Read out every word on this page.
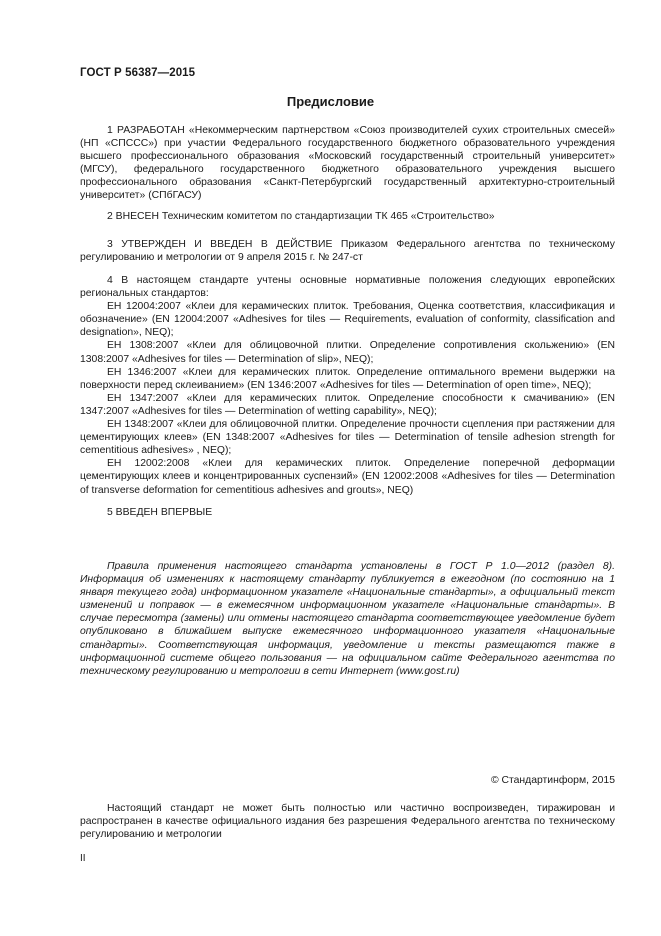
ГОСТ Р 56387—2015
Предисловие

1 РАЗРАБОТАН «Некоммерческим партнерством «Союз производителей сухих строительных смесей» (НП «СПССС») при участии Федерального государственного бюджетного образовательного учреждения высшего профессионального образования «Московский государственный строительный университет» (МГСУ), федерального государственного бюджетного образовательного учреждения высшего профессионального образования «Санкт-Петербургский государственный архитектурно-строительный университет» (СПбГАСУ)

2 ВНЕСЕН Техническим комитетом по стандартизации ТК 465 «Строительство»

3 УТВЕРЖДЕН И ВВЕДЕН В ДЕЙСТВИЕ Приказом Федерального агентства по техническому регулированию и метрологии от 9 апреля 2015 г. № 247-ст

4 В настоящем стандарте учтены основные нормативные положения следующих европейских региональных стандартов:

ЕН 12004:2007 «Клеи для керамических плиток. Требования, Оценка соответствия, классификация и обозначение» (EN 12004:2007 «Adhesives for tiles — Requirements, evaluation of conformity, classification and designation», NEQ);

ЕН 1308:2007 «Клеи для облицовочной плитки. Определение сопротивления скольжению» (EN 1308:2007 «Adhesives for tiles — Determination of slip», NEQ);

ЕН 1346:2007 «Клеи для керамических плиток. Определение оптимального времени выдержки на поверхности перед склеиванием» (EN 1346:2007 «Adhesives for tiles — Determination of open time», NEQ);

ЕН 1347:2007 «Клеи для керамических плиток. Определение способности к смачиванию» (EN 1347:2007 «Adhesives for tiles — Determination of wetting capability», NEQ);

ЕН 1348:2007 «Клеи для облицовочной плитки. Определение прочности сцепления при растяжении для цементирующих клеев» (EN 1348:2007 «Adhesives for tiles — Determination of tensile adhesion strength for cementitious adhesives» , NEQ);

ЕН 12002:2008 «Клеи для керамических плиток. Определение поперечной деформации цементирующих клеев и концентрированных суспензий» (EN 12002:2008 «Adhesives for tiles — Determination of transverse deformation for cementitious adhesives and grouts», NEQ)

5 ВВЕДЕН ВПЕРВЫЕ

Правила применения настоящего стандарта установлены в ГОСТ Р 1.0—2012 (раздел 8). Информация об изменениях к настоящему стандарту публикуется в ежегодном (по состоянию на 1 января текущего года) информационном указателе «Национальные стандарты», а официальный текст изменений и поправок — в ежемесячном информационном указателе «Национальные стандарты». В случае пересмотра (замены) или отмены настоящего стандарта соответствующее уведомление будет опубликовано в ближайшем выпуске ежемесячного информационного указателя «Национальные стандарты». Соответствующая информация, уведомление и тексты размещаются также в информационной системе общего пользования — на официальном сайте Федерального агентства по техническому регулированию и метрологии в сети Интернет (www.gost.ru)

© Стандартинформ, 2015

Настоящий стандарт не может быть полностью или частично воспроизведен, тиражирован и распространен в качестве официального издания без разрешения Федерального агентства по техническому регулированию и метрологии

II
